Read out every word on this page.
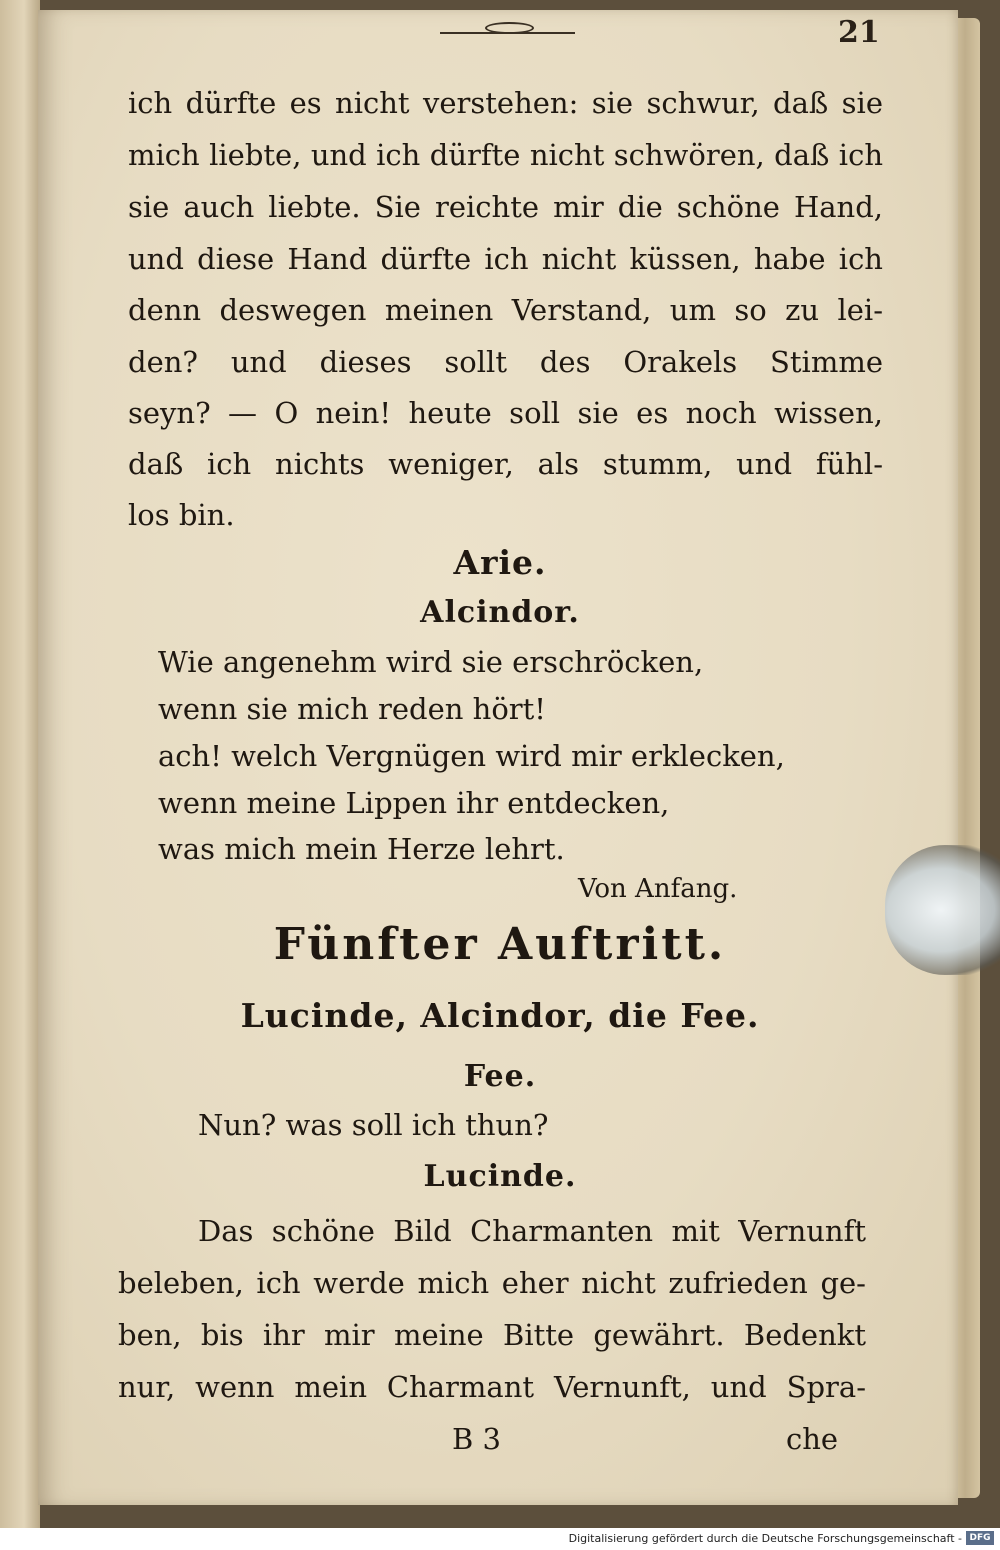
21
ich dürfte es nicht verstehen: sie schwur, daß sie
mich liebte, und ich dürfte nicht schwören, daß ich
sie auch liebte. Sie reichte mir die schöne Hand,
und diese Hand dürfte ich nicht küssen, habe ich
denn deswegen meinen Verstand, um so zu lei-
den? und dieses sollt des Orakels Stimme
seyn? — O nein! heute soll sie es noch wissen,
daß ich nichts weniger, als stumm, und fühl-
los bin.
Arie.
Alcindor.
Wie angenehm wird sie erschröcken,
wenn sie mich reden hört!
ach! welch Vergnügen wird mir erklecken,
wenn meine Lippen ihr entdecken,
was mich mein Herze lehrt.
Von Anfang.
Fünfter Auftritt.
Lucinde, Alcindor, die Fee.
Fee.
Nun? was soll ich thun?
Lucinde.
Das schöne Bild Charmanten mit Vernunft
beleben, ich werde mich eher nicht zufrieden ge-
ben, bis ihr mir meine Bitte gewährt. Bedenkt
nur, wenn mein Charmant Vernunft, und Spra-
B 3	che
Digitalisierung gefördert durch die Deutsche Forschungsgemeinschaft - DFG
